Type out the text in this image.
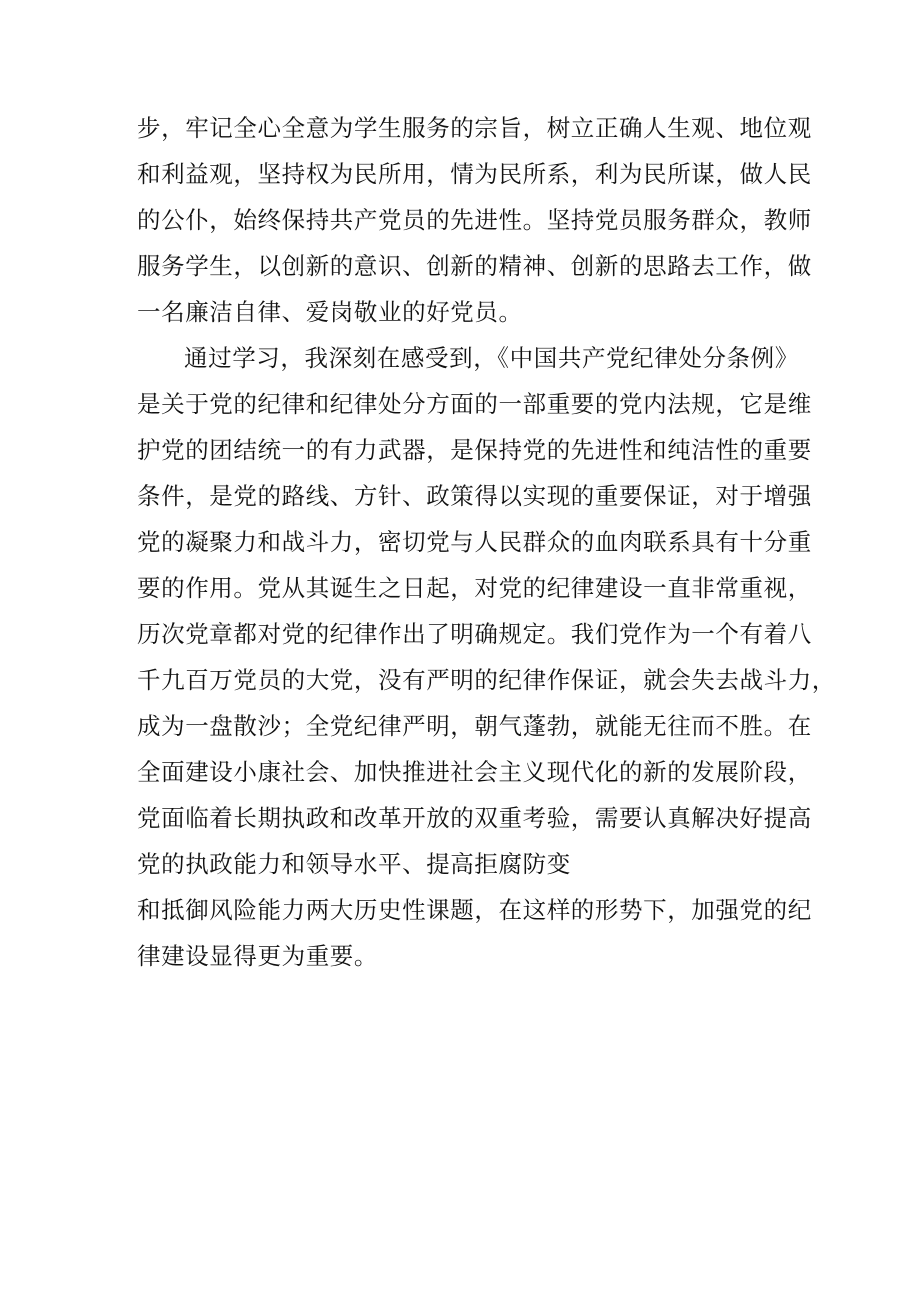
步，牢记全心全意为学生服务的宗旨，树立正确人生观、地位观
和利益观，坚持权为民所用，情为民所系，利为民所谋，做人民
的公仆，始终保持共产党员的先进性。坚持党员服务群众，教师
服务学生，以创新的意识、创新的精神、创新的思路去工作，做
一名廉洁自律、爱岗敬业的好党员。
通过学习，我深刻在感受到，《中国共产党纪律处分条例》
是关于党的纪律和纪律处分方面的一部重要的党内法规，它是维
护党的团结统一的有力武器，是保持党的先进性和纯洁性的重要
条件，是党的路线、方针、政策得以实现的重要保证，对于增强
党的凝聚力和战斗力，密切党与人民群众的血肉联系具有十分重
要的作用。党从其诞生之日起，对党的纪律建设一直非常重视，
历次党章都对党的纪律作出了明确规定。我们党作为一个有着八
千九百万党员的大党，没有严明的纪律作保证，就会失去战斗力，
成为一盘散沙；全党纪律严明，朝气蓬勃，就能无往而不胜。在
全面建设小康社会、加快推进社会主义现代化的新的发展阶段，
党面临着长期执政和改革开放的双重考验，需要认真解决好提高
党的执政能力和领导水平、提高拒腐防变
和抵御风险能力两大历史性课题，在这样的形势下，加强党的纪
律建设显得更为重要。
